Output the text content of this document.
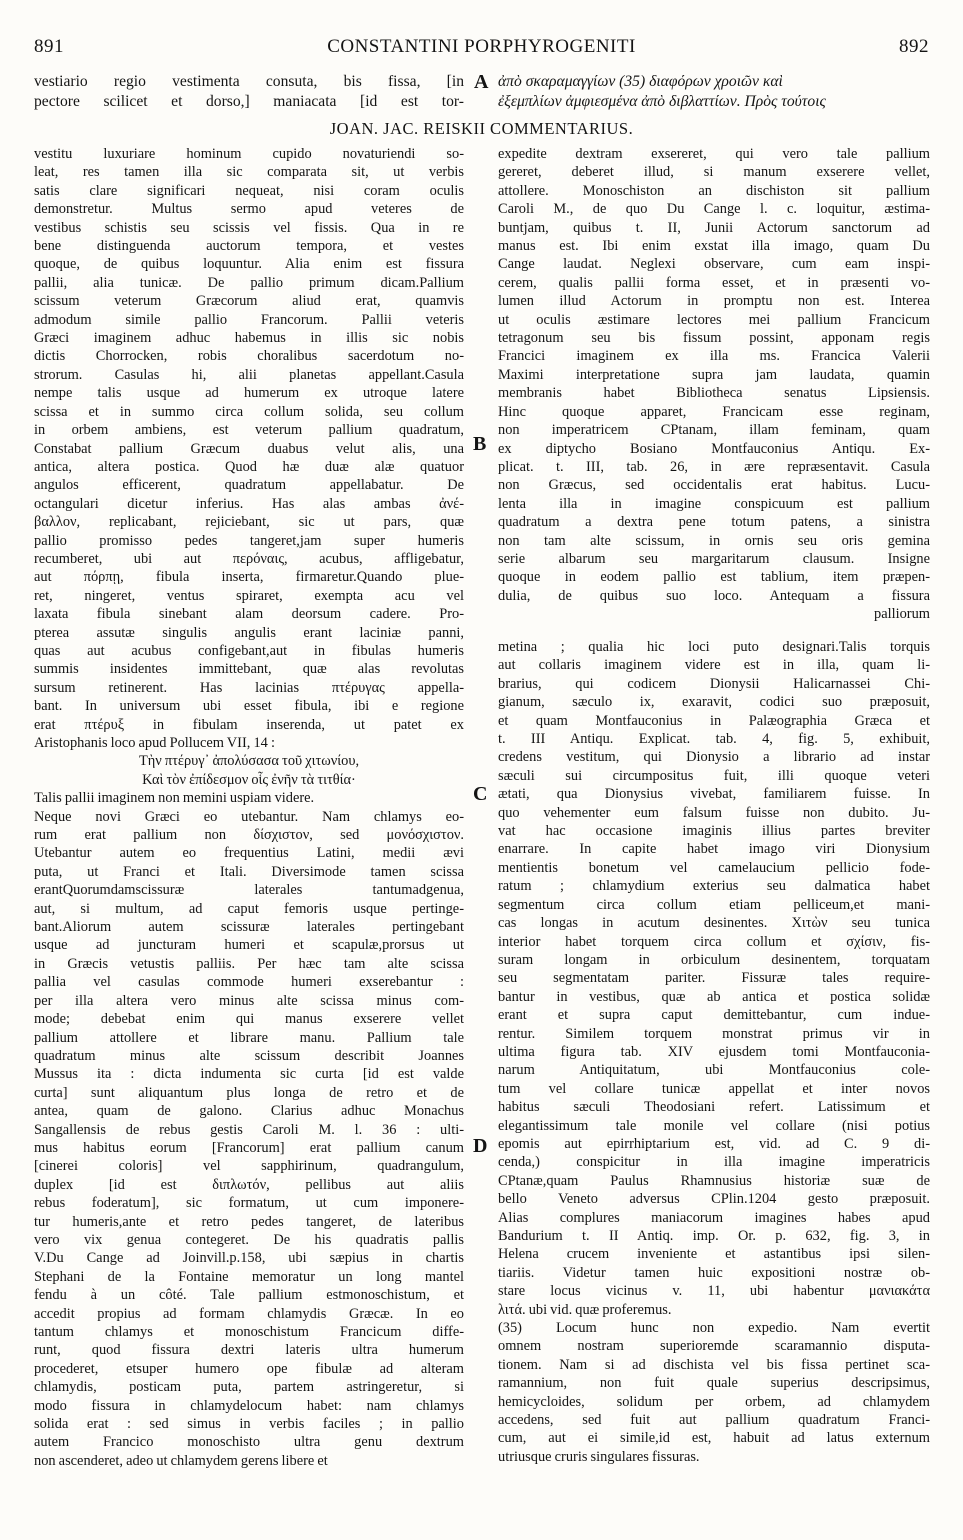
891	CONSTANTINI PORPHYROGENITI	892
vestiario regio vestimenta consuta, bis fissa, [in
pectore scilicet et dorso,] maniacata [id est tor-
A ἀπὸ σκαραμαγγίων (35) διαφόρων χροιῶν καὶ
ἐξεμπλίων ἀμφιεσμένα ἀπὸ διβλαττίων. Πρὸς τούτοις
JOAN. JAC. REISKII COMMENTARIUS.
vestitu luxuriare hominum cupido novaturiendi so-
leat, res tamen illa sic comparata sit, ut verbis
satis clare significari nequeat, nisi coram oculis
demonstretur. Multus sermo apud veteres de
vestibus schistis seu scissis vel fissis. Qua in re
bene distinguenda auctorum tempora, et vestes
quoque, de quibus loquuntur. Alia enim est fissura
pallii, alia tunicæ. De pallio primum dicam.Pallium
scissum veterum Græcorum aliud erat, quamvis
admodum simile pallio Francorum. Pallii veteris
Græci imaginem adhuc habemus in illis sic nobis
dictis Chorrocken, robis choralibus sacerdotum no-
strorum. Casulas hi, alii planetas appellant.Casula
nempe talis usque ad humerum ex utroque latere
scissa et in summo circa collum solida, seu collum
in orbem ambiens, est veterum pallium quadratum,
Constabat pallium Græcum duabus velut alis, una
antica, altera postica. Quod hæ duæ alæ quatuor
angulos efficerent, quadratum appellabatur. De
octangulari dicetur inferius. Has alas ambas ἀνέ-
βαλλον, replicabant, rejiciebant, sic ut pars, quæ
pallio promisso pedes tangeret,jam super humeris
recumberet, ubi aut περόναις, acubus, affligebatur,
aut πόρπῃ, fibula inserta, firmaretur.Quando plue-
ret, ningeret, ventus spiraret, exempta acu vel
laxata fibula sinebant alam deorsum cadere. Pro-
pterea assutæ singulis angulis erant laciniæ panni,
quas aut acubus configebant,aut in fibulas humeris
summis insidentes immittebant, quæ alas revolutas
sursum retinerent. Has lacinias πτέρυγας appella-
bant. In universum ubi esset fibula, ibi e regione
erat πτέρυξ in fibulam inserenda, ut patet ex
Aristophanis loco apud Pollucem VII, 14 :
Τὴν πτέρυγ᾽ ἀπολύσασα τοῦ χιτωνίου,
Καὶ τὸν ἐπίδεσμον οἷς ἐνῆν τὰ τιτθία·
Talis pallii imaginem non memini uspiam videre.
Neque novi Græci eo utebantur. Nam chlamys eo-
rum erat pallium non δίσχιστον, sed μονόσχιστον.
Utebantur autem eo frequentius Latini, medii ævi
puta, ut Franci et Itali. Diversimode tamen scissa
erantQuorumdamscissuræ laterales tantumadgenua,
aut, si multum, ad caput femoris usque pertinge-
bant.Aliorum autem scissuræ laterales pertingebant
usque ad juncturam humeri et scapulæ,prorsus ut
in Græcis vetustis palliis. Per hæc tam alte scissa
pallia vel casulas commode humeri exserebantur :
per illa altera vero minus alte scissa minus com-
mode; debebat enim qui manus exserere vellet
pallium attollere et librare manu. Pallium tale
quadratum minus alte scissum describit Joannes
Mussus ita : dicta indumenta sic curta [id est valde
curta] sunt aliquantum plus longa de retro et de
antea, quam de galono. Clarius adhuc Monachus
Sangallensis de rebus gestis Caroli M. l. 36 : ulti-
mus habitus eorum [Francorum] erat pallium canum
[cinerei coloris] vel sapphirinum, quadrangulum,
duplex [id est διπλωτόν, pellibus aut aliis
rebus foderatum], sic formatum, ut cum imponere-
tur humeris,ante et retro pedes tangeret, de lateribus
vero vix genua contegeret. De his quadratis pallis
V.Du Cange ad Joinvill.p.158, ubi sæpius in chartis
Stephani de la Fontaine memoratur un long mantel
fendu à un côté. Tale pallium estmonoschistum, et
accedit propius ad formam chlamydis Græcæ. In eo
tantum chlamys et monoschistum Francicum diffe-
runt, quod fissura dextri lateris ultra humerum
procederet, etsuper humero ope fibulæ ad alteram
chlamydis, posticam puta, partem astringeretur, si
modo fissura in chlamydelocum habet: nam chlamys
solida erat : sed simus in verbis faciles ; in pallio
autem Francico monoschisto ultra genu dextrum
non ascenderet, adeo ut chlamydem gerens libere et
expedite dextram exsereret, qui vero tale pallium
gereret, deberet illud, si manum exserere vellet,
attollere. Monoschiston an dischiston sit pallium
Caroli M., de quo Du Cange l. c. loquitur, æstima-
buntjam, quibus t. II, Junii Actorum sanctorum ad
manus est. Ibi enim exstat illa imago, quam Du
Cange laudat. Neglexi observare, cum eam inspi-
cerem, qualis pallii forma esset, et in præsenti vo-
lumen illud Actorum in promptu non est. Interea
ut oculis æstimare lectores mei pallium Francicum
tetragonum seu bis fissum possint, apponam regis
Francici imaginem ex illa ms. Francica Valerii
Maximi interpretatione supra jam laudata, quamin
membranis habet Bibliotheca senatus Lipsiensis.
Hinc quoque apparet, Francicam esse reginam,
non imperatricem CPtanam, illam feminam, quam
ex diptycho Bosiano Montfauconius Antiqu. Ex-
plicat. t. III, tab. 26, in ære repræsentavit. Casula
non Græcus, sed occidentalis erat habitus. Lucu-
lenta illa in imagine conspicuum est pallium
quadratum a dextra pene totum patens, a sinistra
non tam alte scissum, in ornis seu oris gemina
serie albarum seu margaritarum clausum. Insigne
quoque in eodem pallio est tablium, item præpen-
dulia, de quibus suo loco. Antequam a fissura
palliorum
metina ; qualia hic loci puto designari.Talis torquis
aut collaris imaginem videre est in illa, quam li-
brarius, qui codicem Dionysii Halicarnassei Chi-
gianum, sæculo ix, exaravit, codici suo præposuit,
et quam Montfauconius in Palæographia Græca et
t. III Antiqu. Explicat. tab. 4, fig. 5, exhibuit,
credens vestitum, qui Dionysio a librario ad instar
sæculi sui circumpositus fuit, illi quoque veteri
ætati, qua Dionysius vivebat, familiarem fuisse. In
quo vehementer eum falsum fuisse non dubito. Ju-
vat hac occasione imaginis illius partes breviter
enarrare. In capite habet imago viri Dionysium
mentientis bonetum vel camelaucium pellicio fode-
ratum ; chlamydium exterius seu dalmatica habet
segmentum circa collum etiam pelliceum,et mani-
cas longas in acutum desinentes. Χιτὼν seu tunica
interior habet torquem circa collum et σχίσιν, fis-
suram longam in orbiculum desinentem, torquatam
seu segmentatam pariter. Fissuræ tales require-
bantur in vestibus, quæ ab antica et postica solidæ
erant et supra caput demittebantur, cum indue-
rentur. Similem torquem monstrat primus vir in
ultima figura tab. XIV ejusdem tomi Montfauconia-
narum Antiquitatum, ubi Montfauconius cole-
tum vel collare tunicæ appellat et inter novos
habitus sæculi Theodosiani refert. Latissimum et
elegantissimum tale monile vel collare (nisi potius
epomis aut epirrhiptarium est, vid. ad C. 9 di-
cenda,) conspicitur in illa imagine imperatricis
CPtanæ,quam Paulus Rhamnusius historiæ suæ de
bello Veneto adversus CPlin.1204 gesto præposuit.
Alias complures maniacorum imagines habes apud
Bandurium t. II Antiq. imp. Or. p. 632, fig. 3, in
Helena crucem inveniente et astantibus ipsi silen-
tiariis. Videtur tamen huic expositioni nostræ ob-
stare locus vicinus v. 11, ubi habentur μανιακάτα
λιτά. ubi vid. quæ proferemus.
(35) Locum hunc non expedio. Nam evertit
omnem nostram superioremde scaramannio disputa-
tionem. Nam si ad dischista vel bis fissa pertinet sca-
ramannium, non fuit quale superius descripsimus,
hemicycloides, solidum per orbem, ad chlamydem
accedens, sed fuit aut pallium quadratum Franci-
cum, aut ei simile,id est, habuit ad latus externum
utriusque cruris singulares fissuras.
B
C
D
